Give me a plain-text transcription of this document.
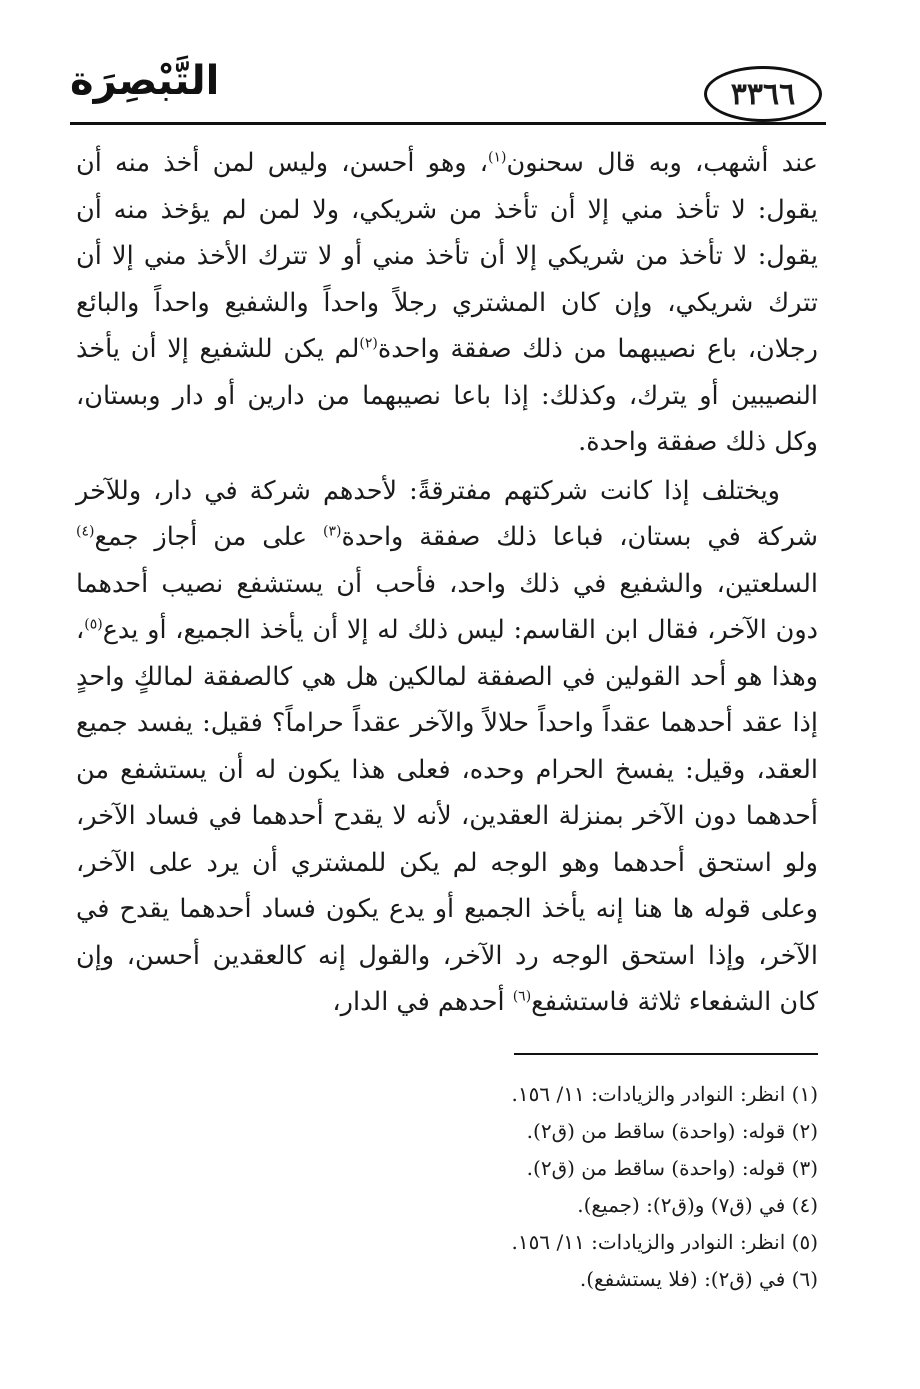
التَّبْصِرَة	٣٣٦٦

عند أشهب، وبه قال سحنون$^{(١)}$، وهو أحسن، وليس لمن أخذ منه أن يقول: لا تأخذ مني إلا أن تأخذ من شريكي، ولا لمن لم يؤخذ منه أن يقول: لا تأخذ من شريكي إلا أن تأخذ مني أو لا تترك الأخذ مني إلا أن تترك شريكي، وإن كان المشتري رجلاً واحداً والشفيع واحداً والبائع رجلان، باع نصيبهما من ذلك صفقة واحدة$^{(٢)}$لم يكن للشفيع إلا أن يأخذ النصيبين أو يترك، وكذلك: إذا باعا نصيبهما من دارين أو دار وبستان، وكل ذلك صفقة واحدة.

ويختلف إذا كانت شركتهم مفترقةً: لأحدهم شركة في دار، وللآخر شركة في بستان، فباعا ذلك صفقة واحدة$^{(٣)}$ على من أجاز جمع$^{(٤)}$ السلعتين، والشفيع في ذلك واحد، فأحب أن يستشفع نصيب أحدهما دون الآخر، فقال ابن القاسم: ليس ذلك له إلا أن يأخذ الجميع، أو يدع$^{(٥)}$، وهذا هو أحد القولين في الصفقة لمالكين هل هي كالصفقة لمالكٍ واحدٍ إذا عقد أحدهما عقداً واحداً حلالاً والآخر عقداً حراماً؟ فقيل: يفسد جميع العقد، وقيل: يفسخ الحرام وحده، فعلى هذا يكون له أن يستشفع من أحدهما دون الآخر بمنزلة العقدين، لأنه لا يقدح أحدهما في فساد الآخر، ولو استحق أحدهما وهو الوجه لم يكن للمشتري أن يرد على الآخر، وعلى قوله ها هنا إنه يأخذ الجميع أو يدع يكون فساد أحدهما يقدح في الآخر، وإذا استحق الوجه رد الآخر، والقول إنه كالعقدين أحسن، وإن كان الشفعاء ثلاثة فاستشفع$^{(٦)}$ أحدهم في الدار،

(١) انظر: النوادر والزيادات: ١١/ ١٥٦.

(٢) قوله: (واحدة) ساقط من (ق٢).

(٣) قوله: (واحدة) ساقط من (ق٢).

(٤) في (ق٧) و(ق٢): (جميع).

(٥) انظر: النوادر والزيادات: ١١/ ١٥٦.

(٦) في (ق٢): (فلا يستشفع).
